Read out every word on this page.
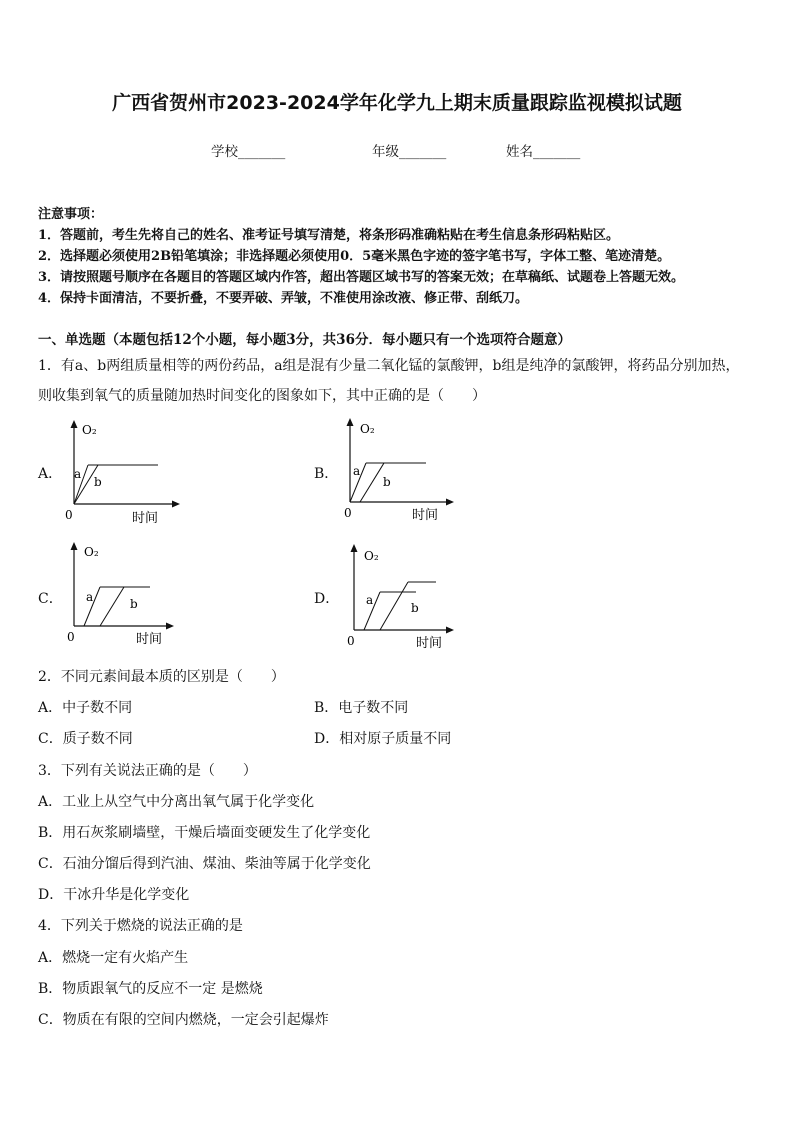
广西省贺州市2023-2024学年化学九上期末质量跟踪监视模拟试题
学校_______	年级_______	姓名_______
注意事项：
1．答题前，考生先将自己的姓名、准考证号填写清楚，将条形码准确粘贴在考生信息条形码粘贴区。
2．选择题必须使用2B铅笔填涂；非选择题必须使用0．5毫米黑色字迹的签字笔书写，字体工整、笔迹清楚。
3．请按照题号顺序在各题目的答题区域内作答，超出答题区域书写的答案无效；在草稿纸、试题卷上答题无效。
4．保持卡面清洁，不要折叠，不要弄破、弄皱，不准使用涂改液、修正带、刮纸刀。
一、单选题（本题包括12个小题，每小题3分，共36分．每小题只有一个选项符合题意）
1．有a、b两组质量相等的两份药品，a组是混有少量二氧化锰的氯酸钾，b组是纯净的氯酸钾，将药品分别加热，
则收集到氧气的质量随加热时间变化的图象如下，其中正确的是（　　）
A．
O₂
a
b
0	时间
B．
O₂
a
b
0	时间
C．
O₂
a	b
0	时间
D．
O₂
a
b
0	时间
2．不同元素间最本质的区别是（　　）
A．中子数不同	B．电子数不同
C．质子数不同	D．相对原子质量不同
3．下列有关说法正确的是（　　）
A．工业上从空气中分离出氧气属于化学变化
B．用石灰浆刷墙壁，干燥后墙面变硬发生了化学变化
C．石油分馏后得到汽油、煤油、柴油等属于化学变化
D．干冰升华是化学变化
4．下列关于燃烧的说法正确的是
A．燃烧一定有火焰产生
B．物质跟氧气的反应不一定 是燃烧
C．物质在有限的空间内燃烧，一定会引起爆炸
